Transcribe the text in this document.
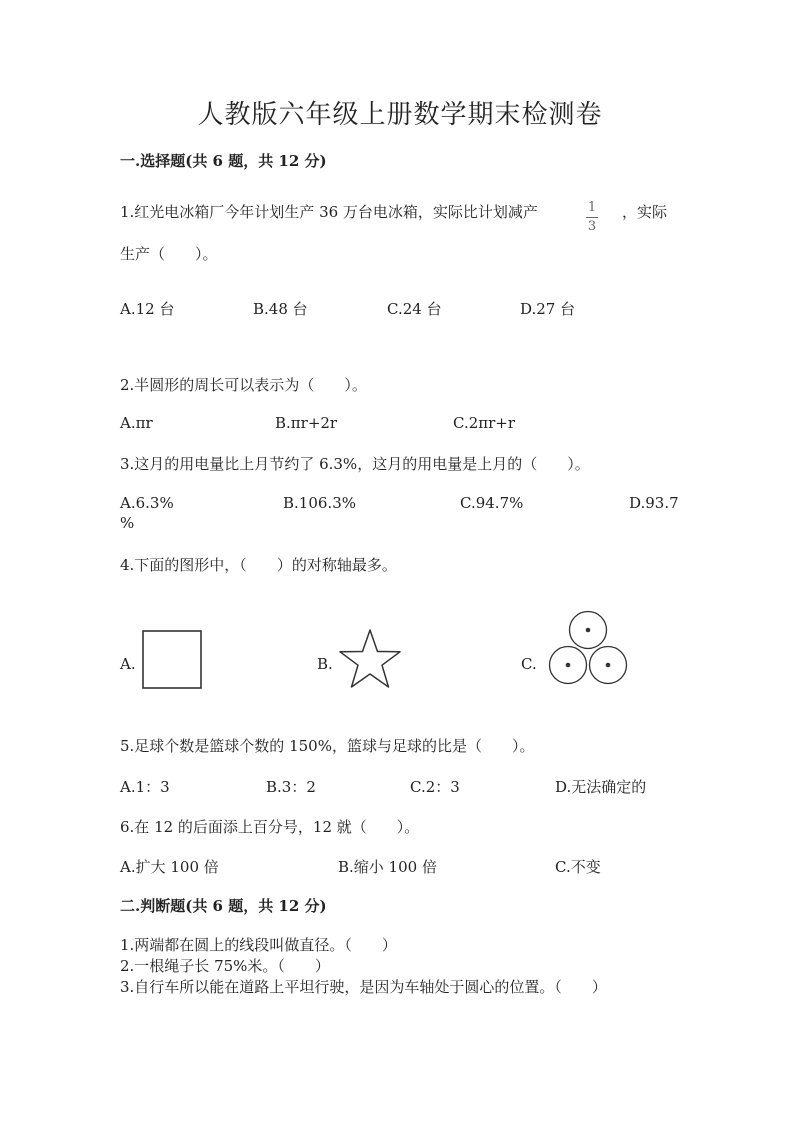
人教版六年级上册数学期末检测卷
一.选择题(共 6 题，共 12 分)
1.红光电冰箱厂今年计划生产 36 万台电冰箱，实际比计划减产	$\frac{1}{3}$ ，实际
生产（　　）。
A.12 台	B.48 台	C.24 台	D.27 台
2.半圆形的周长可以表示为（　　）。
A.πr	B.πr+2r	C.2πr+r
3.这月的用电量比上月节约了 6.3%，这月的用电量是上月的（　　）。
A.6.3%	B.106.3%	C.94.7%	D.93.7
%
4.下面的图形中，（　　）的对称轴最多。
A.	B.	C.
5.足球个数是篮球个数的 150%，篮球与足球的比是（　　）。
A.1：3	B.3：2	C.2：3	D.无法确定的
6.在 12 的后面添上百分号，12 就（　　）。
A.扩大 100 倍	B.缩小 100 倍	C.不变
二.判断题(共 6 题，共 12 分)
1.两端都在圆上的线段叫做直径。（　　）
2.一根绳子长 75%米。（　　）
3.自行车所以能在道路上平坦行驶，是因为车轴处于圆心的位置。（　　）
